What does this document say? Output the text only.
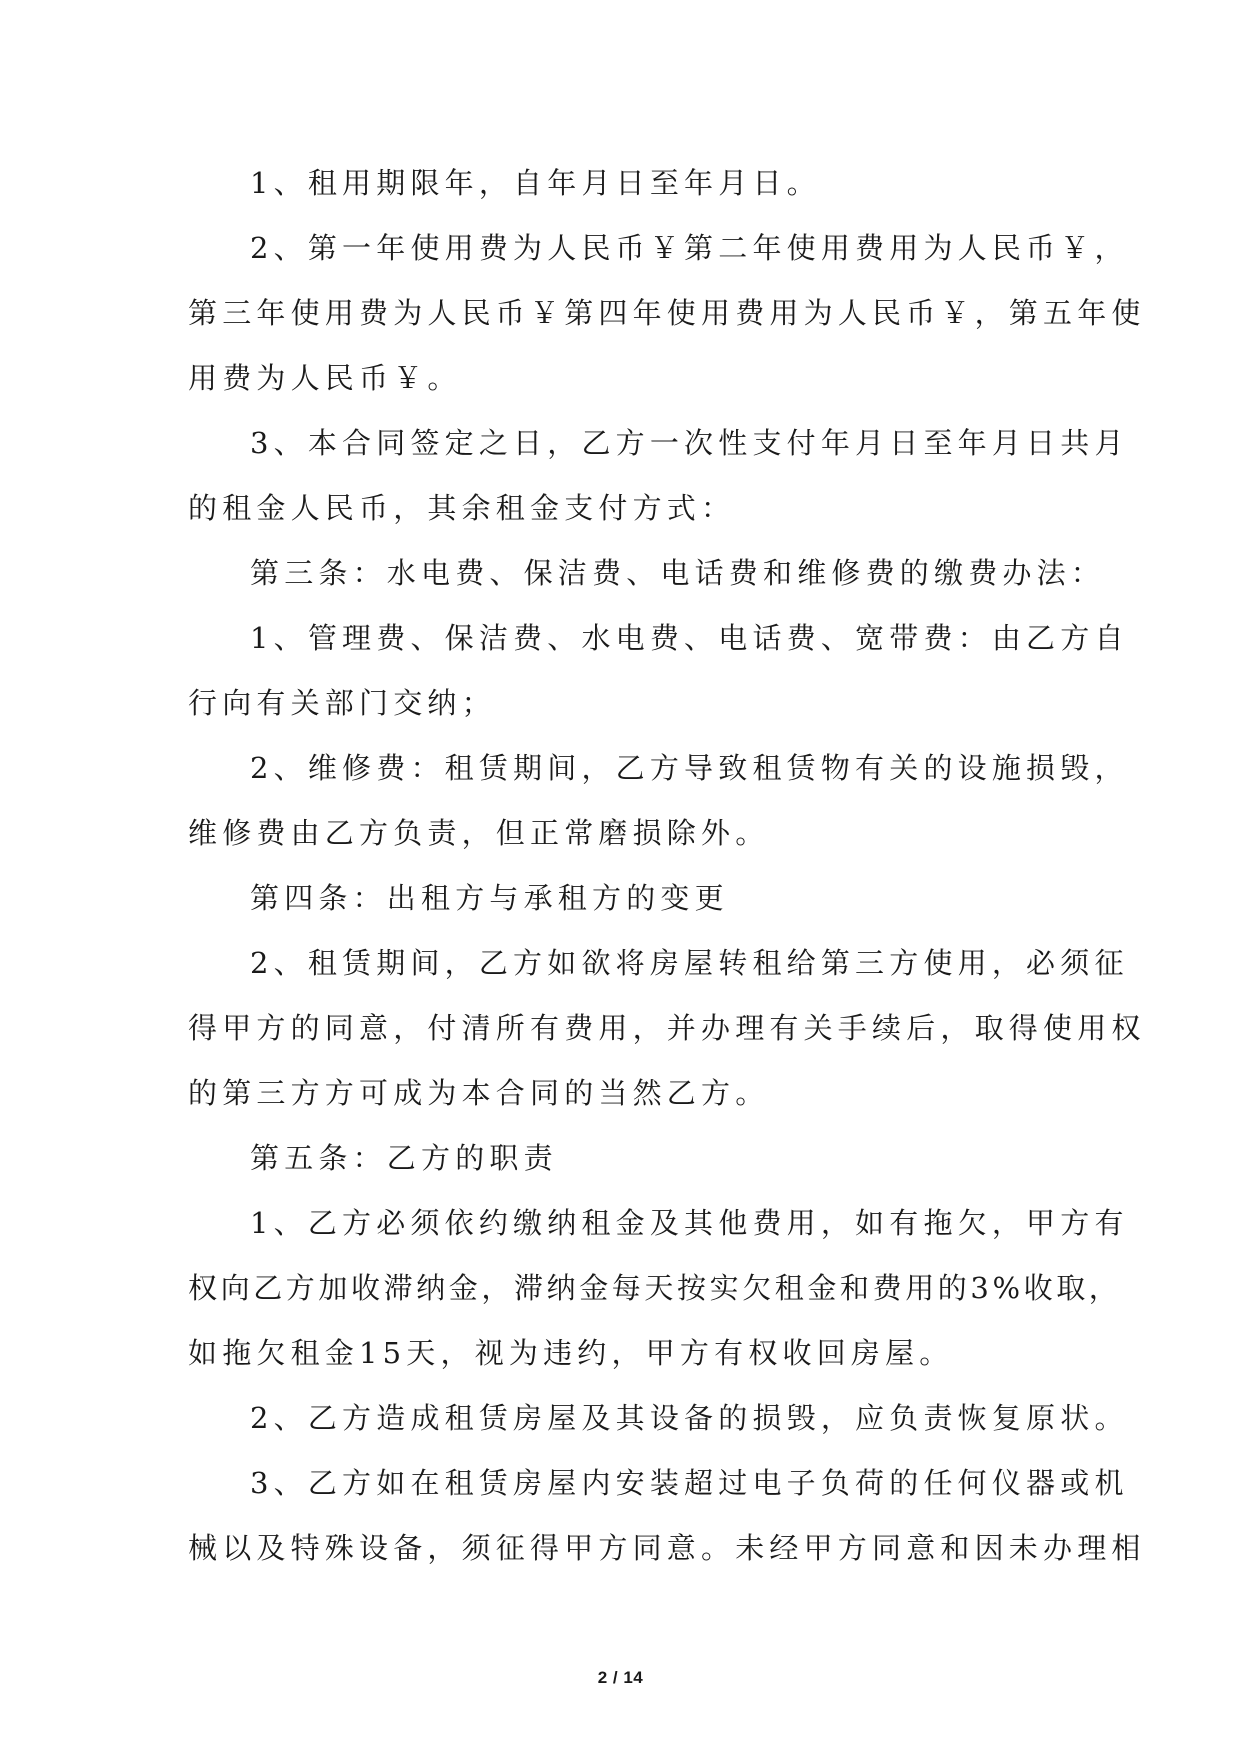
1、租用期限年，自年月日至年月日。
2、第一年使用费为人民币￥第二年使用费用为人民币￥，
第三年使用费为人民币￥第四年使用费用为人民币￥，第五年使
用费为人民币￥。
3、本合同签定之日，乙方一次性支付年月日至年月日共月
的租金人民币，其余租金支付方式：
第三条：水电费、保洁费、电话费和维修费的缴费办法：
1、管理费、保洁费、水电费、电话费、宽带费：由乙方自
行向有关部门交纳；
2、维修费：租赁期间，乙方导致租赁物有关的设施损毁，
维修费由乙方负责，但正常磨损除外。
第四条：出租方与承租方的变更
2、租赁期间，乙方如欲将房屋转租给第三方使用，必须征
得甲方的同意，付清所有费用，并办理有关手续后，取得使用权
的第三方方可成为本合同的当然乙方。
第五条：乙方的职责
1、乙方必须依约缴纳租金及其他费用，如有拖欠，甲方有
权向乙方加收滞纳金，滞纳金每天按实欠租金和费用的3%收取，
如拖欠租金15天，视为违约，甲方有权收回房屋。
2、乙方造成租赁房屋及其设备的损毁，应负责恢复原状。
3、乙方如在租赁房屋内安装超过电子负荷的任何仪器或机
械以及特殊设备，须征得甲方同意。未经甲方同意和因未办理相
2 / 14
